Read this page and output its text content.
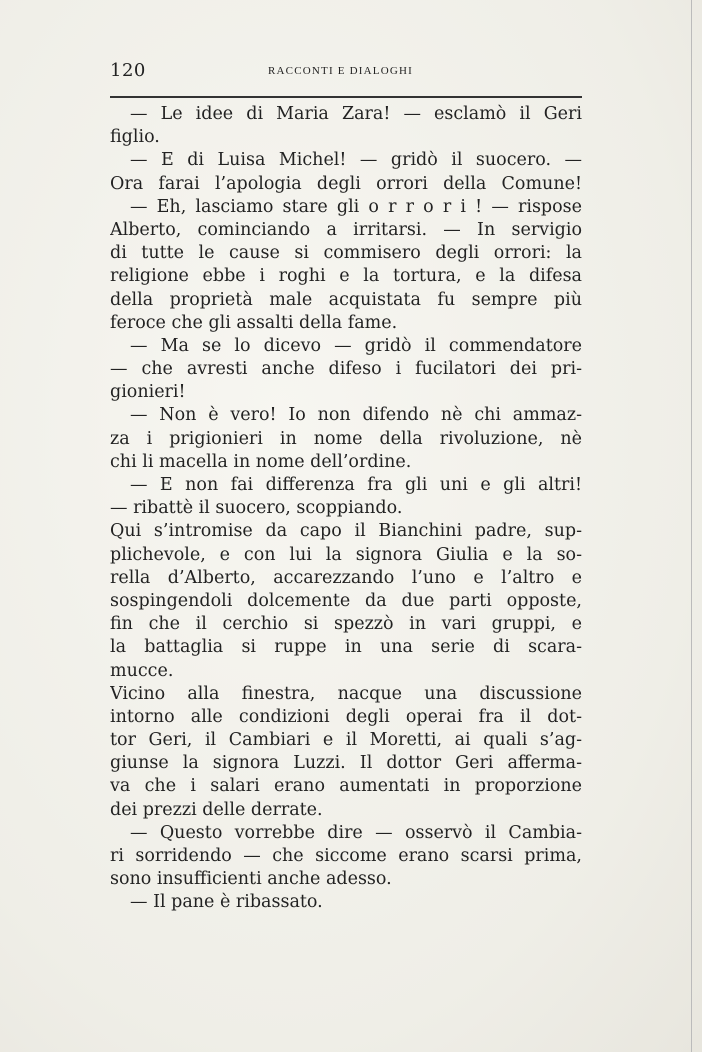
120	RACCONTI E DIALOGHI
— Le idee di Maria Zara! — esclamò il Geri
figlio.
— E di Luisa Michel! — gridò il suocero. —
Ora farai l’apologia degli orrori della Comune!
— Eh, lasciamo stare gli o r r o r i ! — rispose
Alberto, cominciando a irritarsi. — In servigio
di tutte le cause si commisero degli orrori: la
religione ebbe i roghi e la tortura, e la difesa
della proprietà male acquistata fu sempre più
feroce che gli assalti della fame.
— Ma se lo dicevo — gridò il commendatore
— che avresti anche difeso i fucilatori dei pri-
gionieri!
— Non è vero! Io non difendo nè chi ammaz-
za i prigionieri in nome della rivoluzione, nè
chi li macella in nome dell’ordine.
— E non fai differenza fra gli uni e gli altri!
— ribattè il suocero, scoppiando.
Qui s’intromise da capo il Bianchini padre, sup-
plichevole, e con lui la signora Giulia e la so-
rella d’Alberto, accarezzando l’uno e l’altro e
sospingendoli dolcemente da due parti opposte,
fin che il cerchio si spezzò in vari gruppi, e
la battaglia si ruppe in una serie di scara-
mucce.
Vicino alla finestra, nacque una discussione
intorno alle condizioni degli operai fra il dot-
tor Geri, il Cambiari e il Moretti, ai quali s’ag-
giunse la signora Luzzi. Il dottor Geri afferma-
va che i salari erano aumentati in proporzione
dei prezzi delle derrate.
— Questo vorrebbe dire — osservò il Cambia-
ri sorridendo — che siccome erano scarsi prima,
sono insufficienti anche adesso.
— Il pane è ribassato.
